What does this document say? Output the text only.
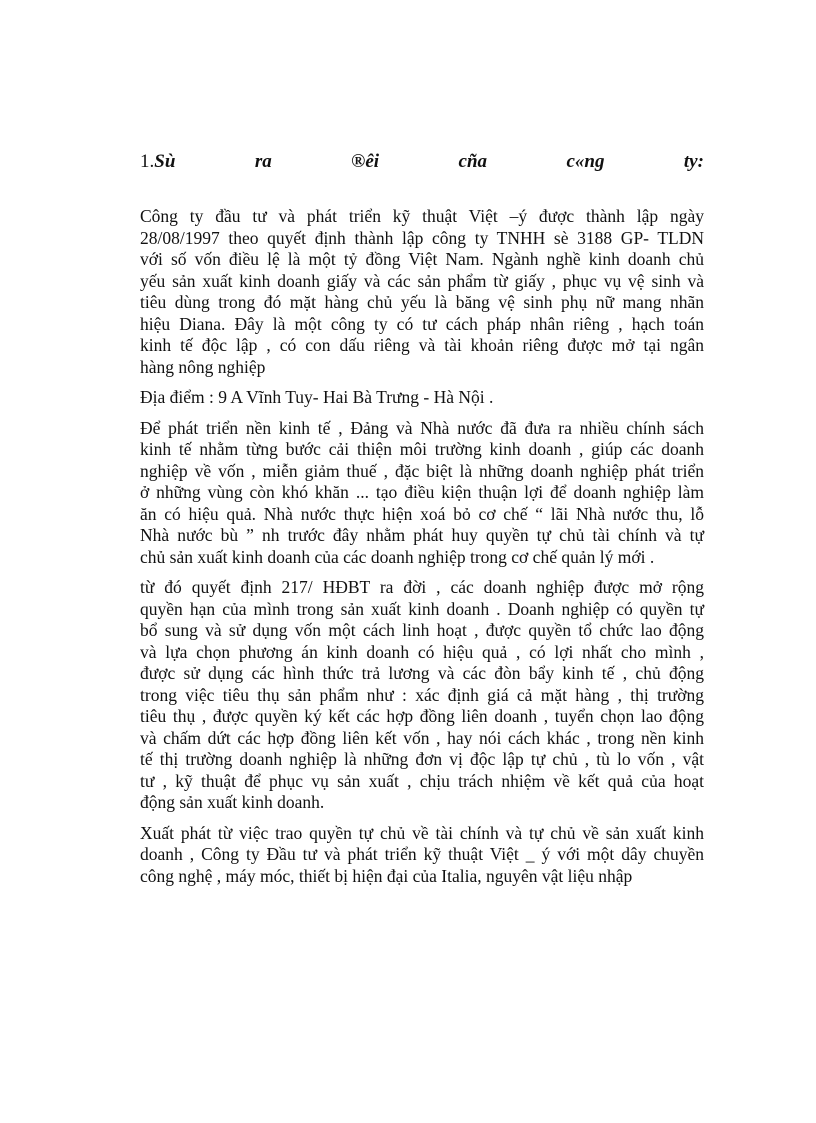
1.Sù	ra	®êi	cña	c«ng	ty:

Công ty đầu tư và phát triển kỹ thuật Việt –ý được thành lập ngày
28/08/1997 theo quyết định thành lập công ty TNHH sè 3188 GP- TLDN
với số vốn điều lệ là một tỷ đồng Việt Nam. Ngành nghề kinh doanh chủ
yếu sản xuất kinh doanh giấy và các sản phẩm từ giấy , phục vụ vệ sinh và
tiêu dùng trong đó mặt hàng chủ yếu là băng vệ sinh phụ nữ mang nhãn
hiệu Diana. Đây là một công ty có tư cách pháp nhân riêng , hạch toán
kinh tế độc lập , có con dấu riêng và tài khoản riêng được mở tại ngân
hàng nông nghiệp

Địa điểm : 9 A Vĩnh Tuy- Hai Bà Trưng - Hà Nội .

Để phát triển nền kinh tế , Đảng và Nhà nước đã đưa ra nhiều chính sách
kinh tế nhằm từng bước cải thiện môi trường kinh doanh , giúp các doanh
nghiệp về vốn , miễn giảm thuế , đặc biệt là những doanh nghiệp phát triển
ở những vùng còn khó khăn ... tạo điều kiện thuận lợi để doanh nghiệp làm
ăn có hiệu quả. Nhà nước thực hiện xoá bỏ cơ chế “ lãi Nhà nước thu, lỗ
Nhà nước bù ” nh trước đây nhằm phát huy quyền tự chủ tài chính và tự
chủ sản xuất kinh doanh của các doanh nghiệp trong cơ chế quản lý mới .

từ đó quyết định 217/ HĐBT ra đời , các doanh nghiệp được mở rộng
quyền hạn của mình trong sản xuất kinh doanh . Doanh nghiệp có quyền tự
bổ sung và sử dụng vốn một cách linh hoạt , được quyền tổ chức lao động
và lựa chọn phương án kinh doanh có hiệu quả , có lợi nhất cho mình ,
được sử dụng các hình thức trả lương và các đòn bẩy kinh tế , chủ động
trong việc tiêu thụ sản phẩm như : xác định giá cả mặt hàng , thị trường
tiêu thụ , được quyền ký kết các hợp đồng liên doanh , tuyển chọn lao động
và chấm dứt các hợp đồng liên kết vốn , hay nói cách khác , trong nền kinh
tế thị trường doanh nghiệp là những đơn vị độc lập tự chủ , tù lo vốn , vật
tư , kỹ thuật để phục vụ sản xuất , chịu trách nhiệm về kết quả của hoạt
động sản xuất kinh doanh.

Xuất phát từ việc trao quyền tự chủ về tài chính và tự chủ về sản xuất kinh
doanh , Công ty Đầu tư và phát triển kỹ thuật Việt _ ý với một dây chuyền
công nghệ , máy móc, thiết bị hiện đại của Italia, nguyên vật liệu nhập
